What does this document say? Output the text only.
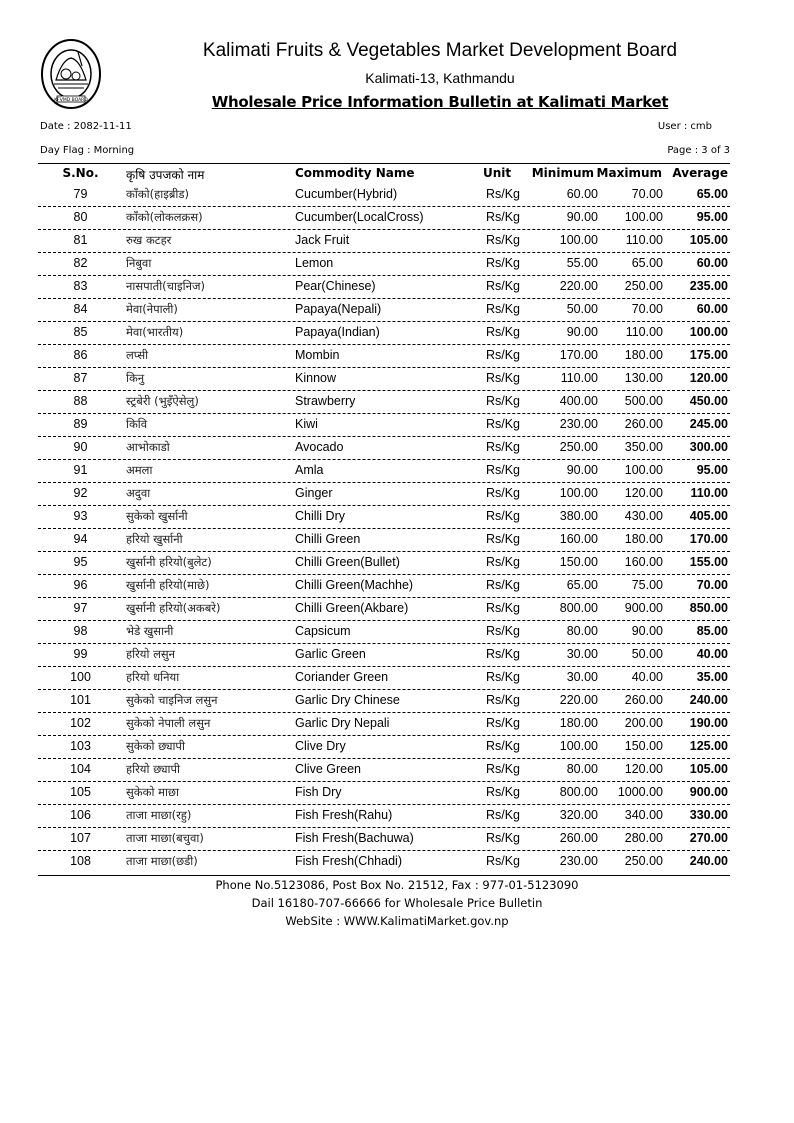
KFVMD BOARD
Kalimati Fruits & Vegetables Market Development Board
Kalimati-13, Kathmandu
Wholesale Price Information Bulletin at Kalimati Market
Date : 2082-11-11	User : cmb
Day Flag : Morning	Page : 3 of 3
S.No.	कृषि उपजको नाम	Commodity Name	Unit Minimum Maximum Average
79	काँको(हाइब्रीड)	Cucumber(Hybrid)	Rs/Kg	60.00	70.00	65.00
80	काँको(लोकलक्रस)	Cucumber(LocalCross)	Rs/Kg	90.00 100.00	95.00
81	रुख कटहर	Jack Fruit	Rs/Kg	100.00 110.00 105.00
82	निबुवा	Lemon	Rs/Kg	55.00	65.00	60.00
83	नासपाती(चाइनिज)	Pear(Chinese)	Rs/Kg	220.00 250.00 235.00
84	मेवा(नेपाली)	Papaya(Nepali)	Rs/Kg	50.00	70.00	60.00
85	मेवा(भारतीय)	Papaya(Indian)	Rs/Kg	90.00 110.00 100.00
86	लप्सी	Mombin	Rs/Kg	170.00 180.00 175.00
87	किनु	Kinnow	Rs/Kg	110.00 130.00 120.00
88	स्ट्रबेरी (भुइँऐसेलु)	Strawberry	Rs/Kg	400.00 500.00 450.00
89	किवि	Kiwi	Rs/Kg	230.00 260.00 245.00
90	आभोकाडो	Avocado	Rs/Kg	250.00 350.00 300.00
91	अमला	Amla	Rs/Kg	90.00 100.00	95.00
92	अदुवा	Ginger	Rs/Kg	100.00 120.00 110.00
93	सुकेको खुर्सानी	Chilli Dry	Rs/Kg	380.00 430.00 405.00
94	हरियो खुर्सानी	Chilli Green	Rs/Kg	160.00 180.00 170.00
95	खुर्सानी हरियो(बुलेट)	Chilli Green(Bullet)	Rs/Kg	150.00 160.00 155.00
96	खुर्सानी हरियो(माछे)	Chilli Green(Machhe)	Rs/Kg	65.00	75.00	70.00
97	खुर्सानी हरियो(अकबरे)	Chilli Green(Akbare)	Rs/Kg	800.00 900.00 850.00
98	भेडे खुसानी	Capsicum	Rs/Kg	80.00	90.00	85.00
99	हरियो लसुन	Garlic Green	Rs/Kg	30.00	50.00	40.00
100	हरियो धनिया	Coriander Green	Rs/Kg	30.00	40.00	35.00
101	सुकेको चाइनिज लसुन	Garlic Dry Chinese	Rs/Kg	220.00 260.00 240.00
102	सुकेको नेपाली लसुन	Garlic Dry Nepali	Rs/Kg	180.00 200.00 190.00
103	सुकेको छ्यापी	Clive Dry	Rs/Kg	100.00 150.00 125.00
104	हरियो छ्यापी	Clive Green	Rs/Kg	80.00 120.00 105.00
105	सुकेको माछा	Fish Dry	Rs/Kg	800.00 1000.00 900.00
106	ताजा माछा(रहु)	Fish Fresh(Rahu)	Rs/Kg	320.00 340.00 330.00
107	ताजा माछा(बचुवा)	Fish Fresh(Bachuwa)	Rs/Kg	260.00 280.00 270.00
108	ताजा माछा(छडी)	Fish Fresh(Chhadi)	Rs/Kg	230.00 250.00 240.00
Phone No.5123086, Post Box No. 21512, Fax : 977-01-5123090
Dail 16180-707-66666 for Wholesale Price Bulletin
WebSite : WWW.KalimatiMarket.gov.np
